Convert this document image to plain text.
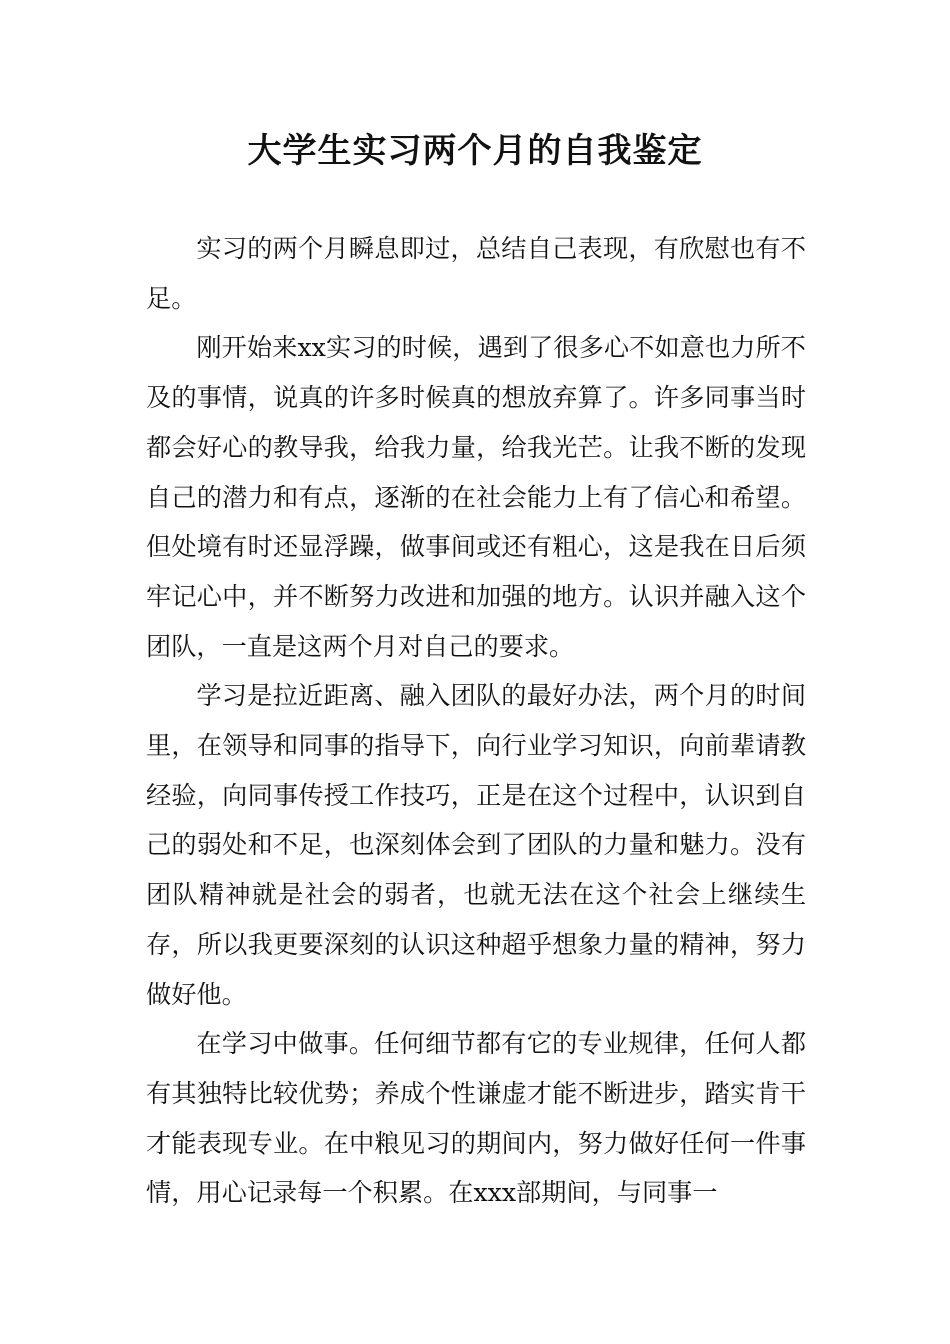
大学生实习两个月的自我鉴定

实习的两个月瞬息即过，总结自己表现，有欣慰也有不足。

刚开始来xx实习的时候，遇到了很多心不如意也力所不及的事情，说真的许多时候真的想放弃算了。许多同事当时都会好心的教导我，给我力量，给我光芒。让我不断的发现自己的潜力和有点，逐渐的在社会能力上有了信心和希望。但处境有时还显浮躁，做事间或还有粗心，这是我在日后须牢记心中，并不断努力改进和加强的地方。认识并融入这个团队，一直是这两个月对自己的要求。

学习是拉近距离、融入团队的最好办法，两个月的时间里，在领导和同事的指导下，向行业学习知识，向前辈请教经验，向同事传授工作技巧，正是在这个过程中，认识到自己的弱处和不足，也深刻体会到了团队的力量和魅力。没有团队精神就是社会的弱者，也就无法在这个社会上继续生存，所以我更要深刻的认识这种超乎想象力量的精神，努力做好他。

在学习中做事。任何细节都有它的专业规律，任何人都有其独特比较优势；养成个性谦虚才能不断进步，踏实肯干才能表现专业。在中粮见习的期间内，努力做好任何一件事情，用心记录每一个积累。在xxx部期间，与同事一
